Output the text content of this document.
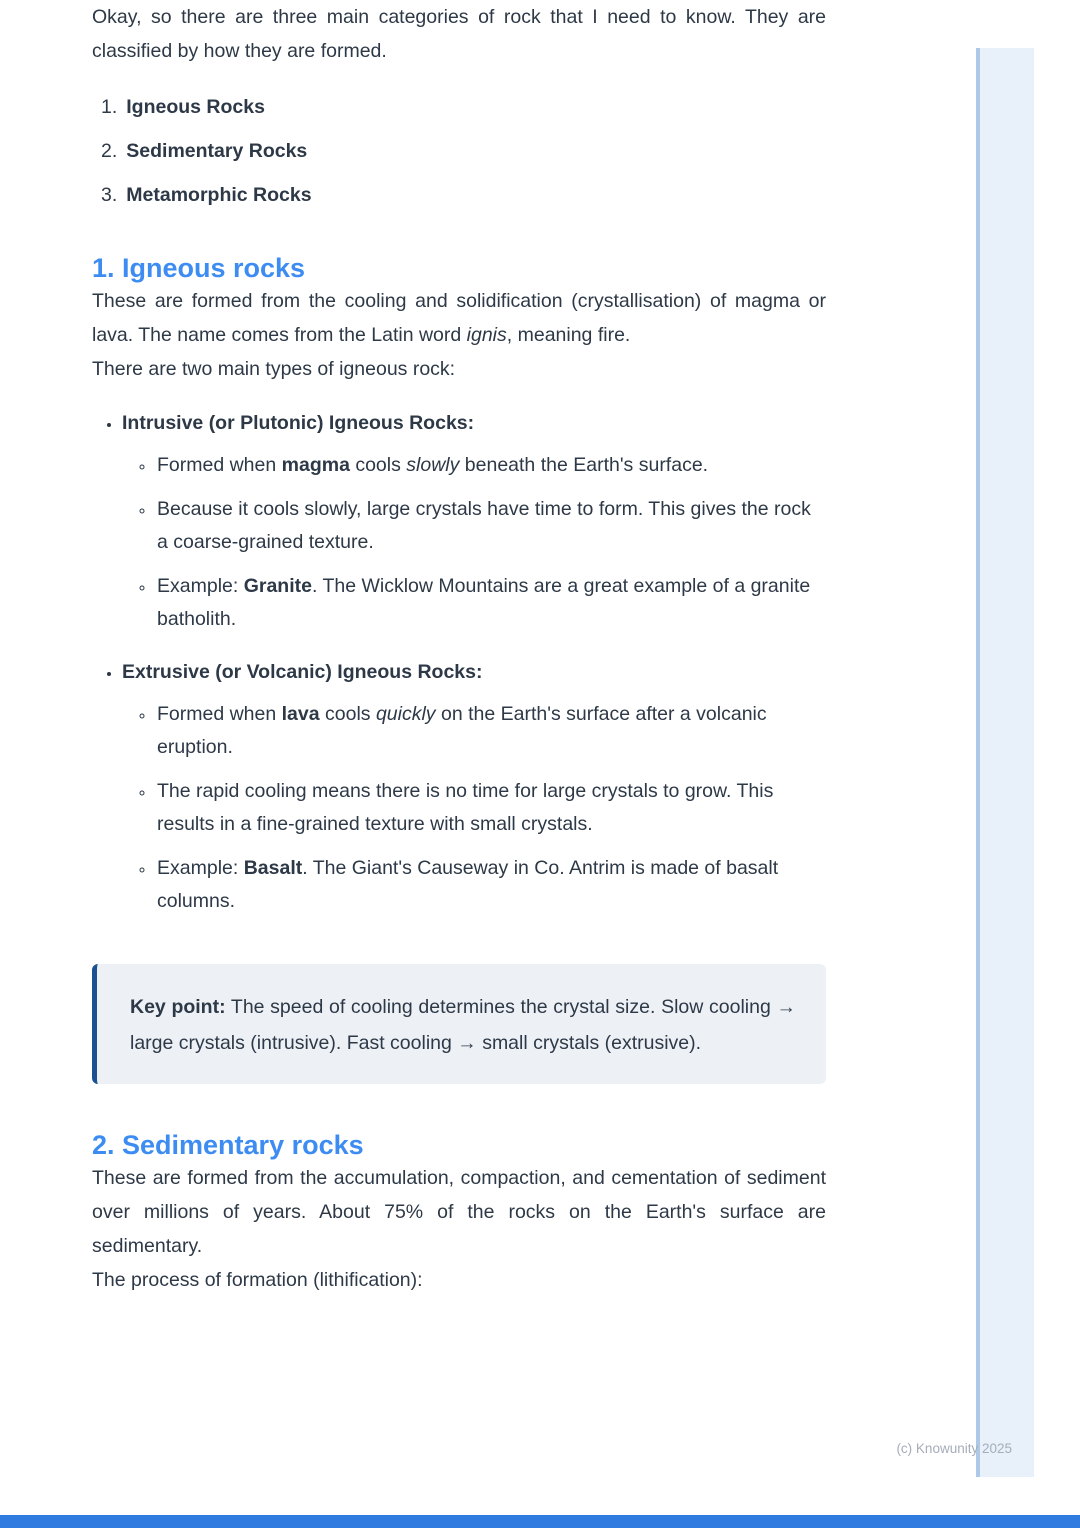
Okay, so there are three main categories of rock that I need to know. They are classified by how they are formed.

1. Igneous Rocks
2. Sedimentary Rocks
3. Metamorphic Rocks
1. Igneous rocks

These are formed from the cooling and solidification (crystallisation) of magma or lava. The name comes from the Latin word ignis, meaning fire.

There are two main types of igneous rock:

• Intrusive (or Plutonic) Igneous Rocks:

◦ Formed when magma cools slowly beneath the Earth's surface.

◦ Because it cools slowly, large crystals have time to form. This gives the rock a coarse-grained texture.

◦ Example: Granite. The Wicklow Mountains are a great example of a granite batholith.

• Extrusive (or Volcanic) Igneous Rocks:

◦ Formed when lava cools quickly on the Earth's surface after a volcanic eruption.

◦ The rapid cooling means there is no time for large crystals to grow. This results in a fine-grained texture with small crystals.

◦ Example: Basalt. The Giant's Causeway in Co. Antrim is made of basalt columns.

Key point: The speed of cooling determines the crystal size. Slow cooling → large crystals (intrusive). Fast cooling → small crystals (extrusive).

2. Sedimentary rocks

These are formed from the accumulation, compaction, and cementation of sediment over millions of years. About 75% of the rocks on the Earth's surface are sedimentary.

The process of formation (lithification):

(c) Knowunity 2025
